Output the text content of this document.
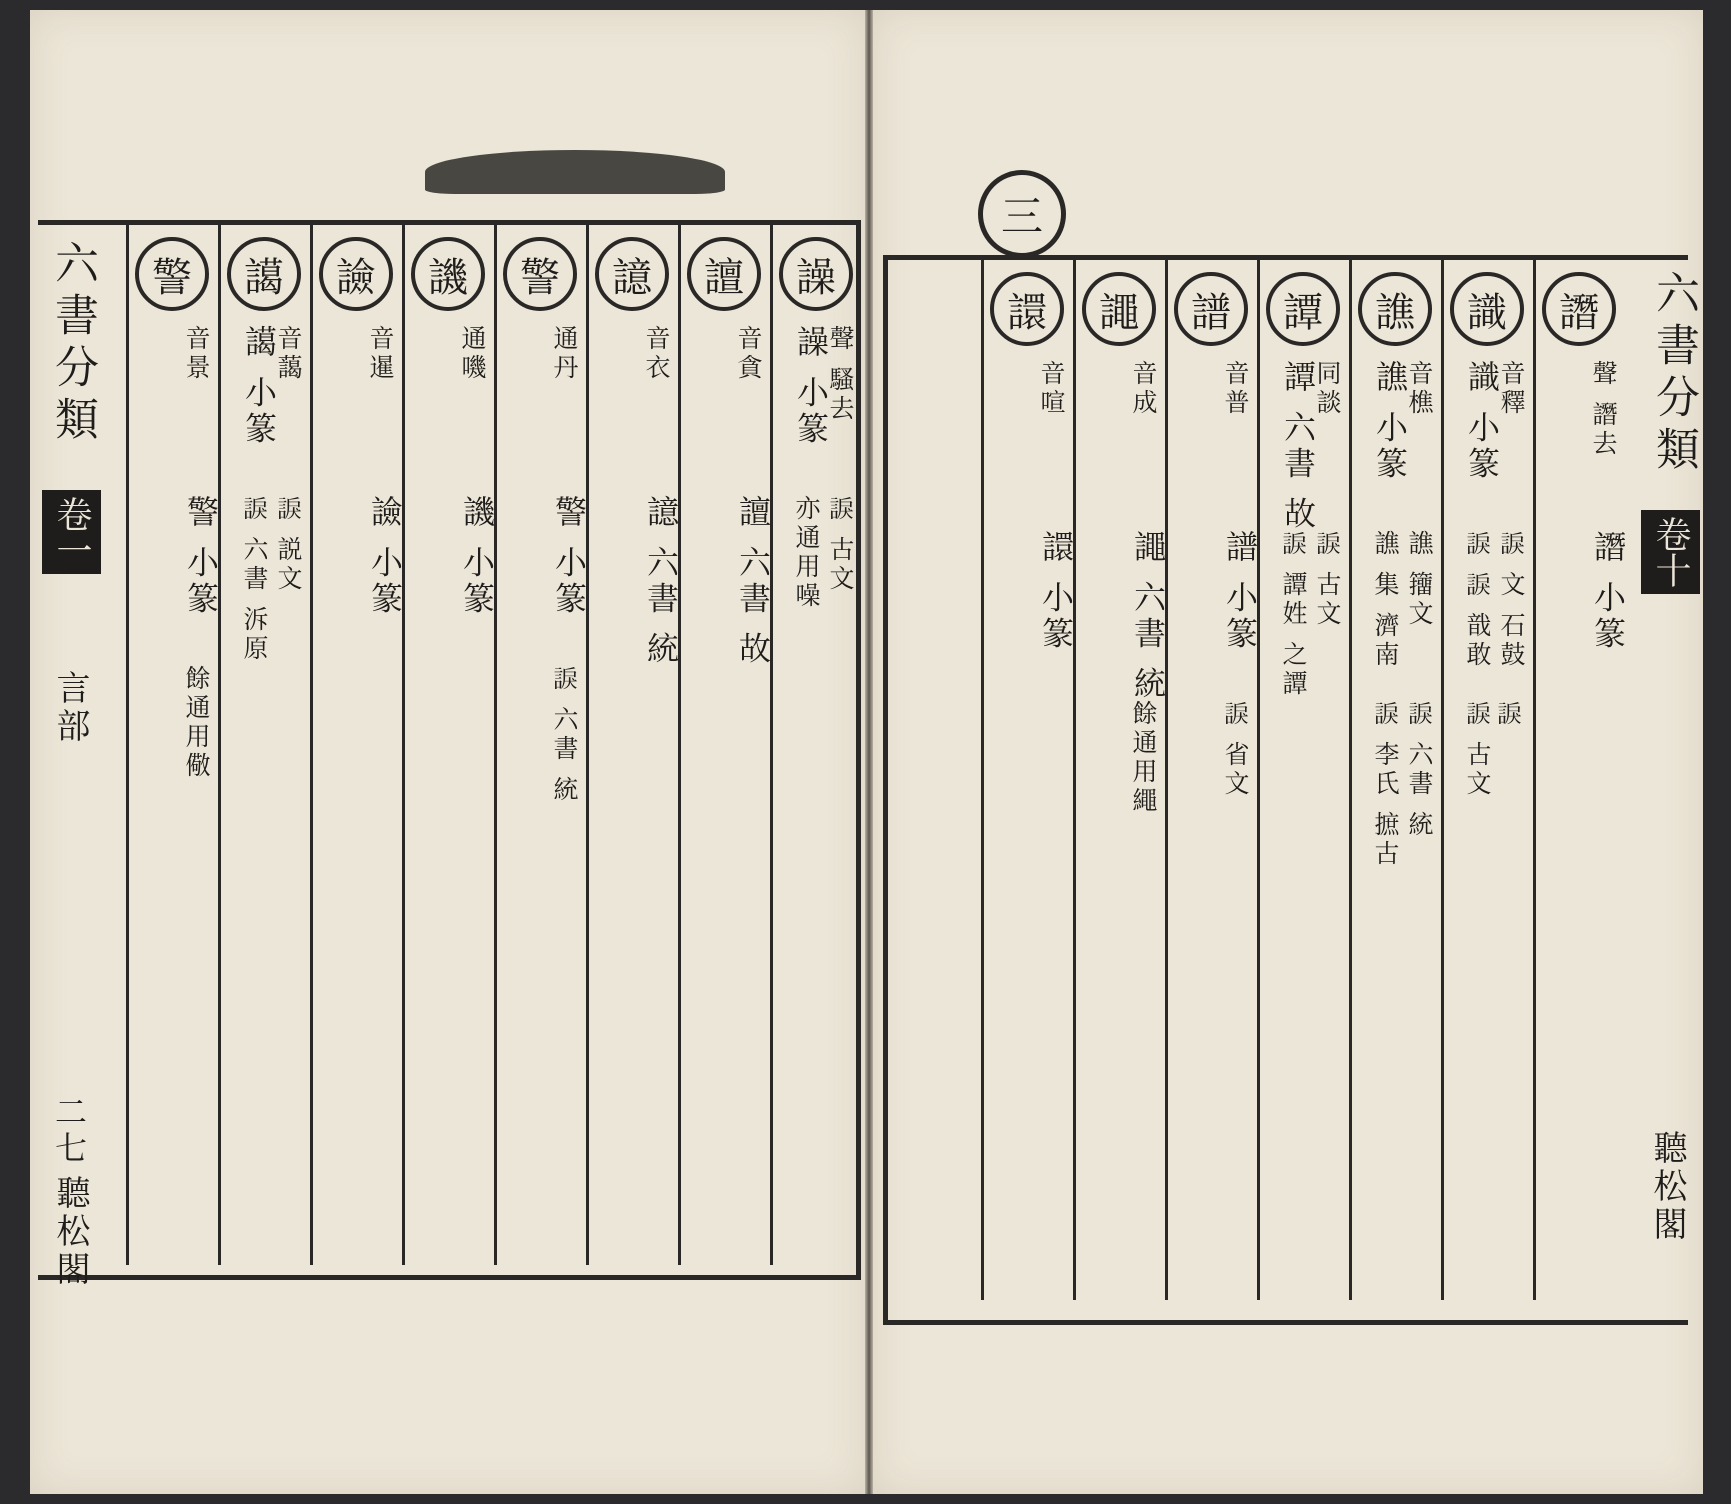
六書分類
卷一
言部
二七
聽松閣
譟
聲 騷去
譟 小篆
𧩈 古文
亦通用噪
譠
音貪
譠 六書 故
譩
音衣
譩 六書 統
警
通丹
警 小篆
𧩈 六書 統
譏
通嘰
譏 小篆
譣
音暹
譣 小篆
譪
音藹
譪 小篆
𧩈 説文
𧩈 六書 泝原
警
音景
警 小篆
餘通用儆
三
六書分類
卷十
聽松閣
譖
聲 譖去
譖 小篆
識
音釋
識 小篆
𧩈 文 石鼓
𧩈 𧩈 戠敢
𧩈
𧩈 古文
譙
音樵
譙 小篆
譙 籒文
譙 集 濟南
𧩈 六書 統
𧩈 李氏 摭古
譚
同談
譚 六書 故
𧩈 古文
𧩈 譚姓 之譚
譜
音普
譜 小篆
𧩈 省文
譝
音成
譝 六書 統
餘通用繩
譞
音喧
譞 小篆
